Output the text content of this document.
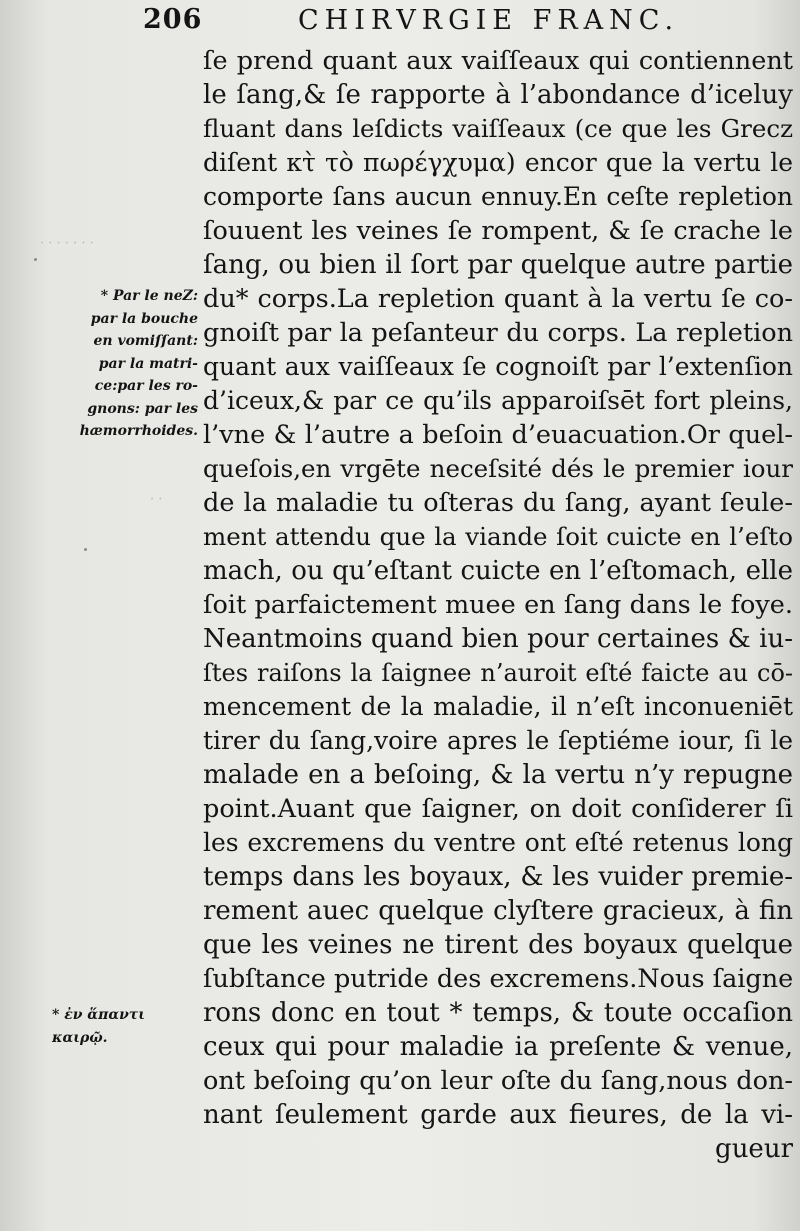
206	CHIRVRGIE FRANC.
· · · · · · ·
· ·
* Par le neZ:
par la bouche
en vomiſſant:
par la matri-
ce:par les ro-
gnons: par les
hæmorrhoides.
* ἐν ἅπαντι
καιρῷ.
ſe prend quant aux vaiſſeaux qui contiennent
le ſang,& ſe rapporte à l’abondance d’iceluy
fluant dans leſdicts vaiſſeaux (ce que les Grecz
diſent κτ̀ τὸ πωρέγχυμα) encor que la vertu le
comporte ſans aucun ennuy.En ceſte repletion
ſouuent les veines ſe rompent, & ſe crache le
ſang, ou bien il ſort par quelque autre partie
du* corps.La repletion quant à la vertu ſe co-
gnoiſt par la peſanteur du corps. La repletion
quant aux vaiſſeaux ſe cognoiſt par l’extenſion
d’iceux,& par ce qu’ils apparoiſsēt fort pleins,
l’vne & l’autre a beſoin d’euacuation.Or quel-
queſois,en vrgēte neceſsité dés le premier iour
de la maladie tu oſteras du ſang, ayant ſeule-
ment attendu que la viande ſoit cuicte en l’eſto
mach, ou qu’eſtant cuicte en l’eſtomach, elle
ſoit parfaictement muee en ſang dans le foye.
Neantmoins quand bien pour certaines & iu-
ſtes raiſons la ſaignee n’auroit eſté faicte au cō-
mencement de la maladie, il n’eſt inconueniēt
tirer du ſang,voire apres le ſeptiéme iour, ſi le
malade en a beſoing, & la vertu n’y repugne
point.Auant que ſaigner, on doit conſiderer ſi
les excremens du ventre ont eſté retenus long
temps dans les boyaux, & les vuider premie-
rement auec quelque clyſtere gracieux, à fin
que les veines ne tirent des boyaux quelque
ſubſtance putride des excremens.Nous ſaigne
rons donc en tout * temps, & toute occaſion
ceux qui pour maladie ia preſente & venue,
ont beſoing qu’on leur oſte du ſang,nous don-
nant ſeulement garde aux fieures, de la vi-
gueur
